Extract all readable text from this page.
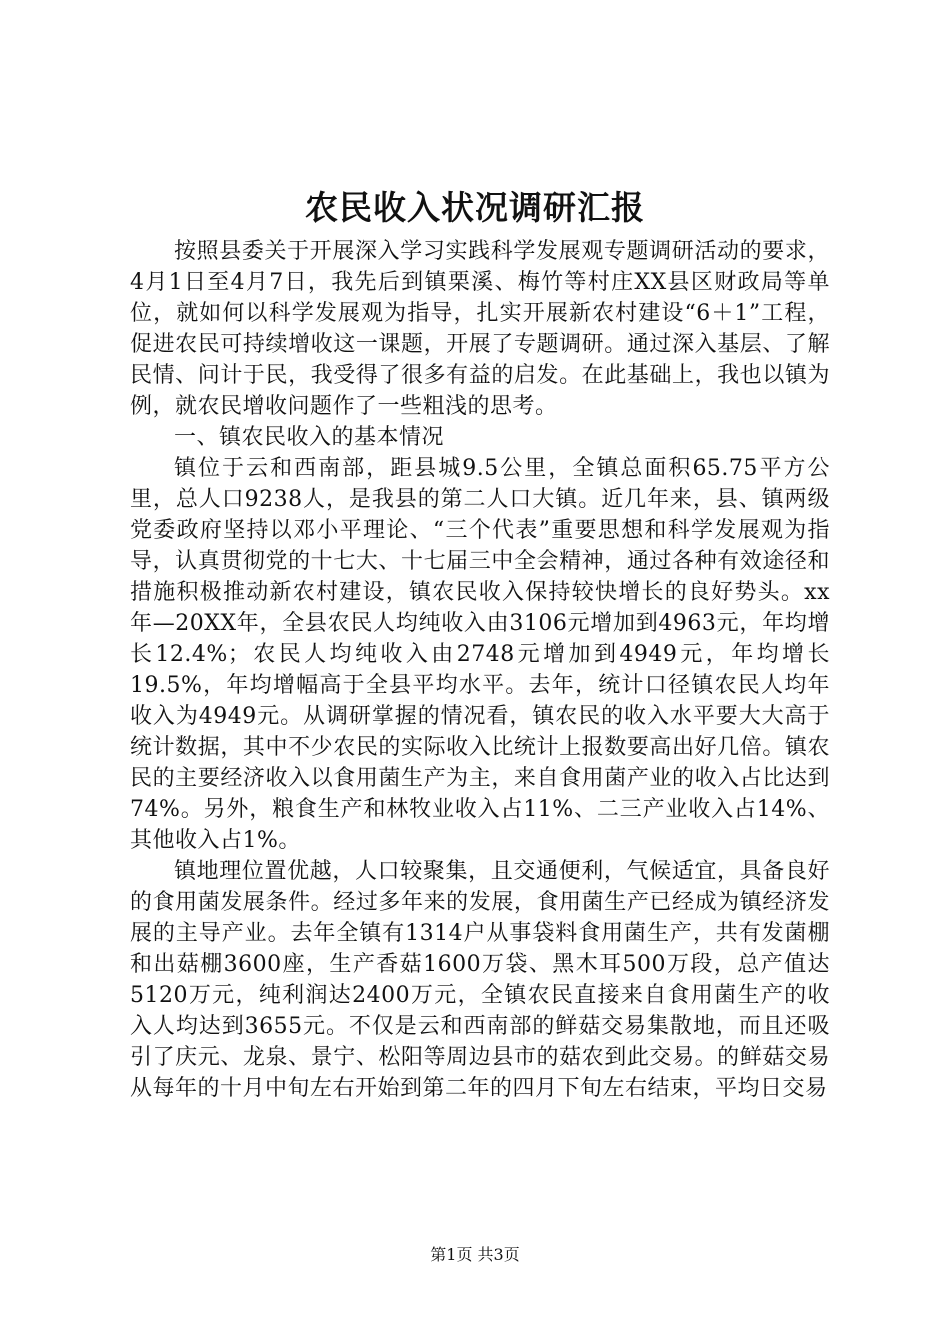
农民收入状况调研汇报

按照县委关于开展深入学习实践科学发展观专题调研活动的要求，4月1日至4月7日，我先后到镇栗溪、梅竹等村庄XX县区财政局等单位，就如何以科学发展观为指导，扎实开展新农村建设“6＋1”工程，促进农民可持续增收这一课题，开展了专题调研。通过深入基层、了解民情、问计于民，我受得了很多有益的启发。在此基础上，我也以镇为例，就农民增收问题作了一些粗浅的思考。

一、镇农民收入的基本情况

镇位于云和西南部，距县城9.5公里，全镇总面积65.75平方公里，总人口9238人，是我县的第二人口大镇。近几年来，县、镇两级党委政府坚持以邓小平理论、“三个代表”重要思想和科学发展观为指导，认真贯彻党的十七大、十七届三中全会精神，通过各种有效途径和措施积极推动新农村建设，镇农民收入保持较快增长的良好势头。xx年—20XX年，全县农民人均纯收入由3106元增加到4963元，年均增长12.4%；农民人均纯收入由2748元增加到4949元，年均增长19.5%，年均增幅高于全县平均水平。去年，统计口径镇农民人均年收入为4949元。从调研掌握的情况看，镇农民的收入水平要大大高于统计数据，其中不少农民的实际收入比统计上报数要高出好几倍。镇农民的主要经济收入以食用菌生产为主，来自食用菌产业的收入占比达到74%。另外，粮食生产和林牧业收入占11%、二三产业收入占14%、其他收入占1%。

镇地理位置优越，人口较聚集，且交通便利，气候适宜，具备良好的食用菌发展条件。经过多年来的发展，食用菌生产已经成为镇经济发展的主导产业。去年全镇有1314户从事袋料食用菌生产，共有发菌棚和出菇棚3600座，生产香菇1600万袋、黑木耳500万段，总产值达5120万元，纯利润达2400万元，全镇农民直接来自食用菌生产的收入人均达到3655元。不仅是云和西南部的鲜菇交易集散地，而且还吸引了庆元、龙泉、景宁、松阳等周边县市的菇农到此交易。的鲜菇交易从每年的十月中旬左右开始到第二年的四月下旬左右结束，平均日交易

第1页 共3页
